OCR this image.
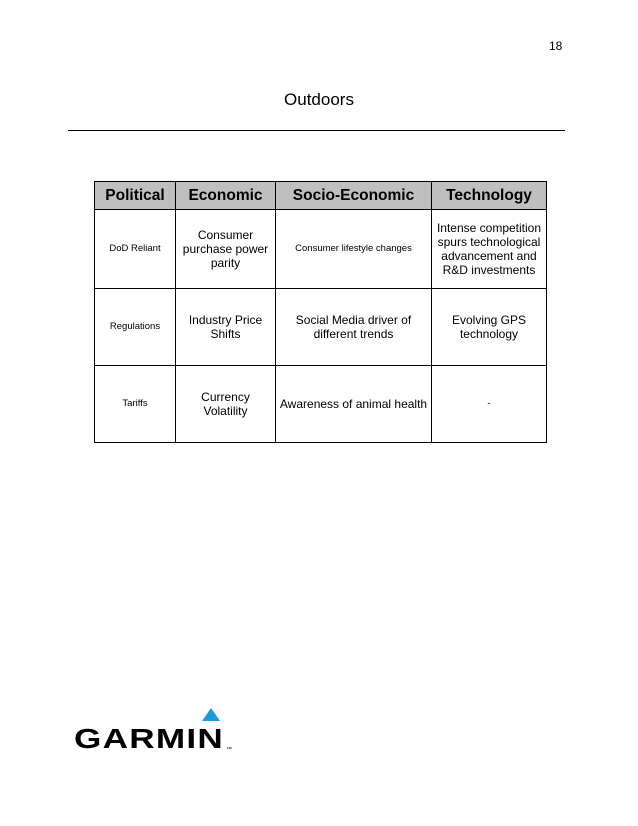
18
Outdoors
Political	Economic	Socio-Economic	Technology
DoD Reliant	Consumer purchase power parity	Consumer lifestyle changes	Intense competition spurs technological advancement and R&D investments
Regulations	Industry Price Shifts	Social Media driver of different trends	Evolving GPS technology
Tariffs	Currency Volatility	Awareness of animal health	-
GARMIN ™
